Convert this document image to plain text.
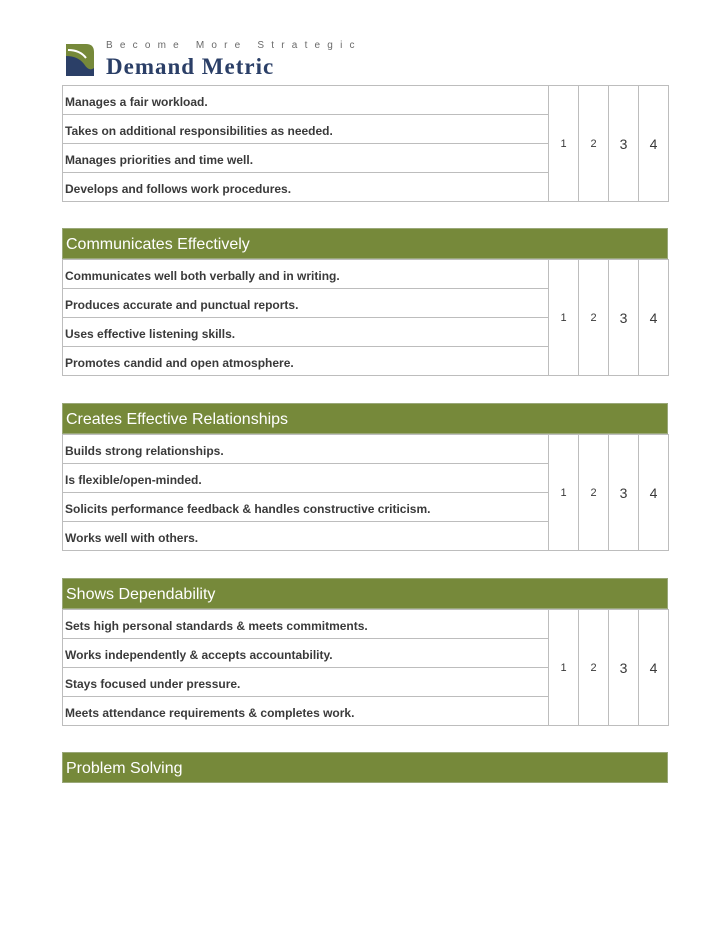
Become More Strategic
Demand Metric
Manages a fair workload.	1	2	3	4
Takes on additional responsibilities as needed.
Manages priorities and time well.
Develops and follows work procedures.
Communicates Effectively
Communicates well both verbally and in writing.	1	2	3	4
Produces accurate and punctual reports.
Uses effective listening skills.
Promotes candid and open atmosphere.
Creates Effective Relationships
Builds strong relationships.	1	2	3	4
Is flexible/open-minded.
Solicits performance feedback & handles constructive criticism.
Works well with others.
Shows Dependability
Sets high personal standards & meets commitments.	1	2	3	4
Works independently & accepts accountability.
Stays focused under pressure.
Meets attendance requirements & completes work.
Problem Solving
